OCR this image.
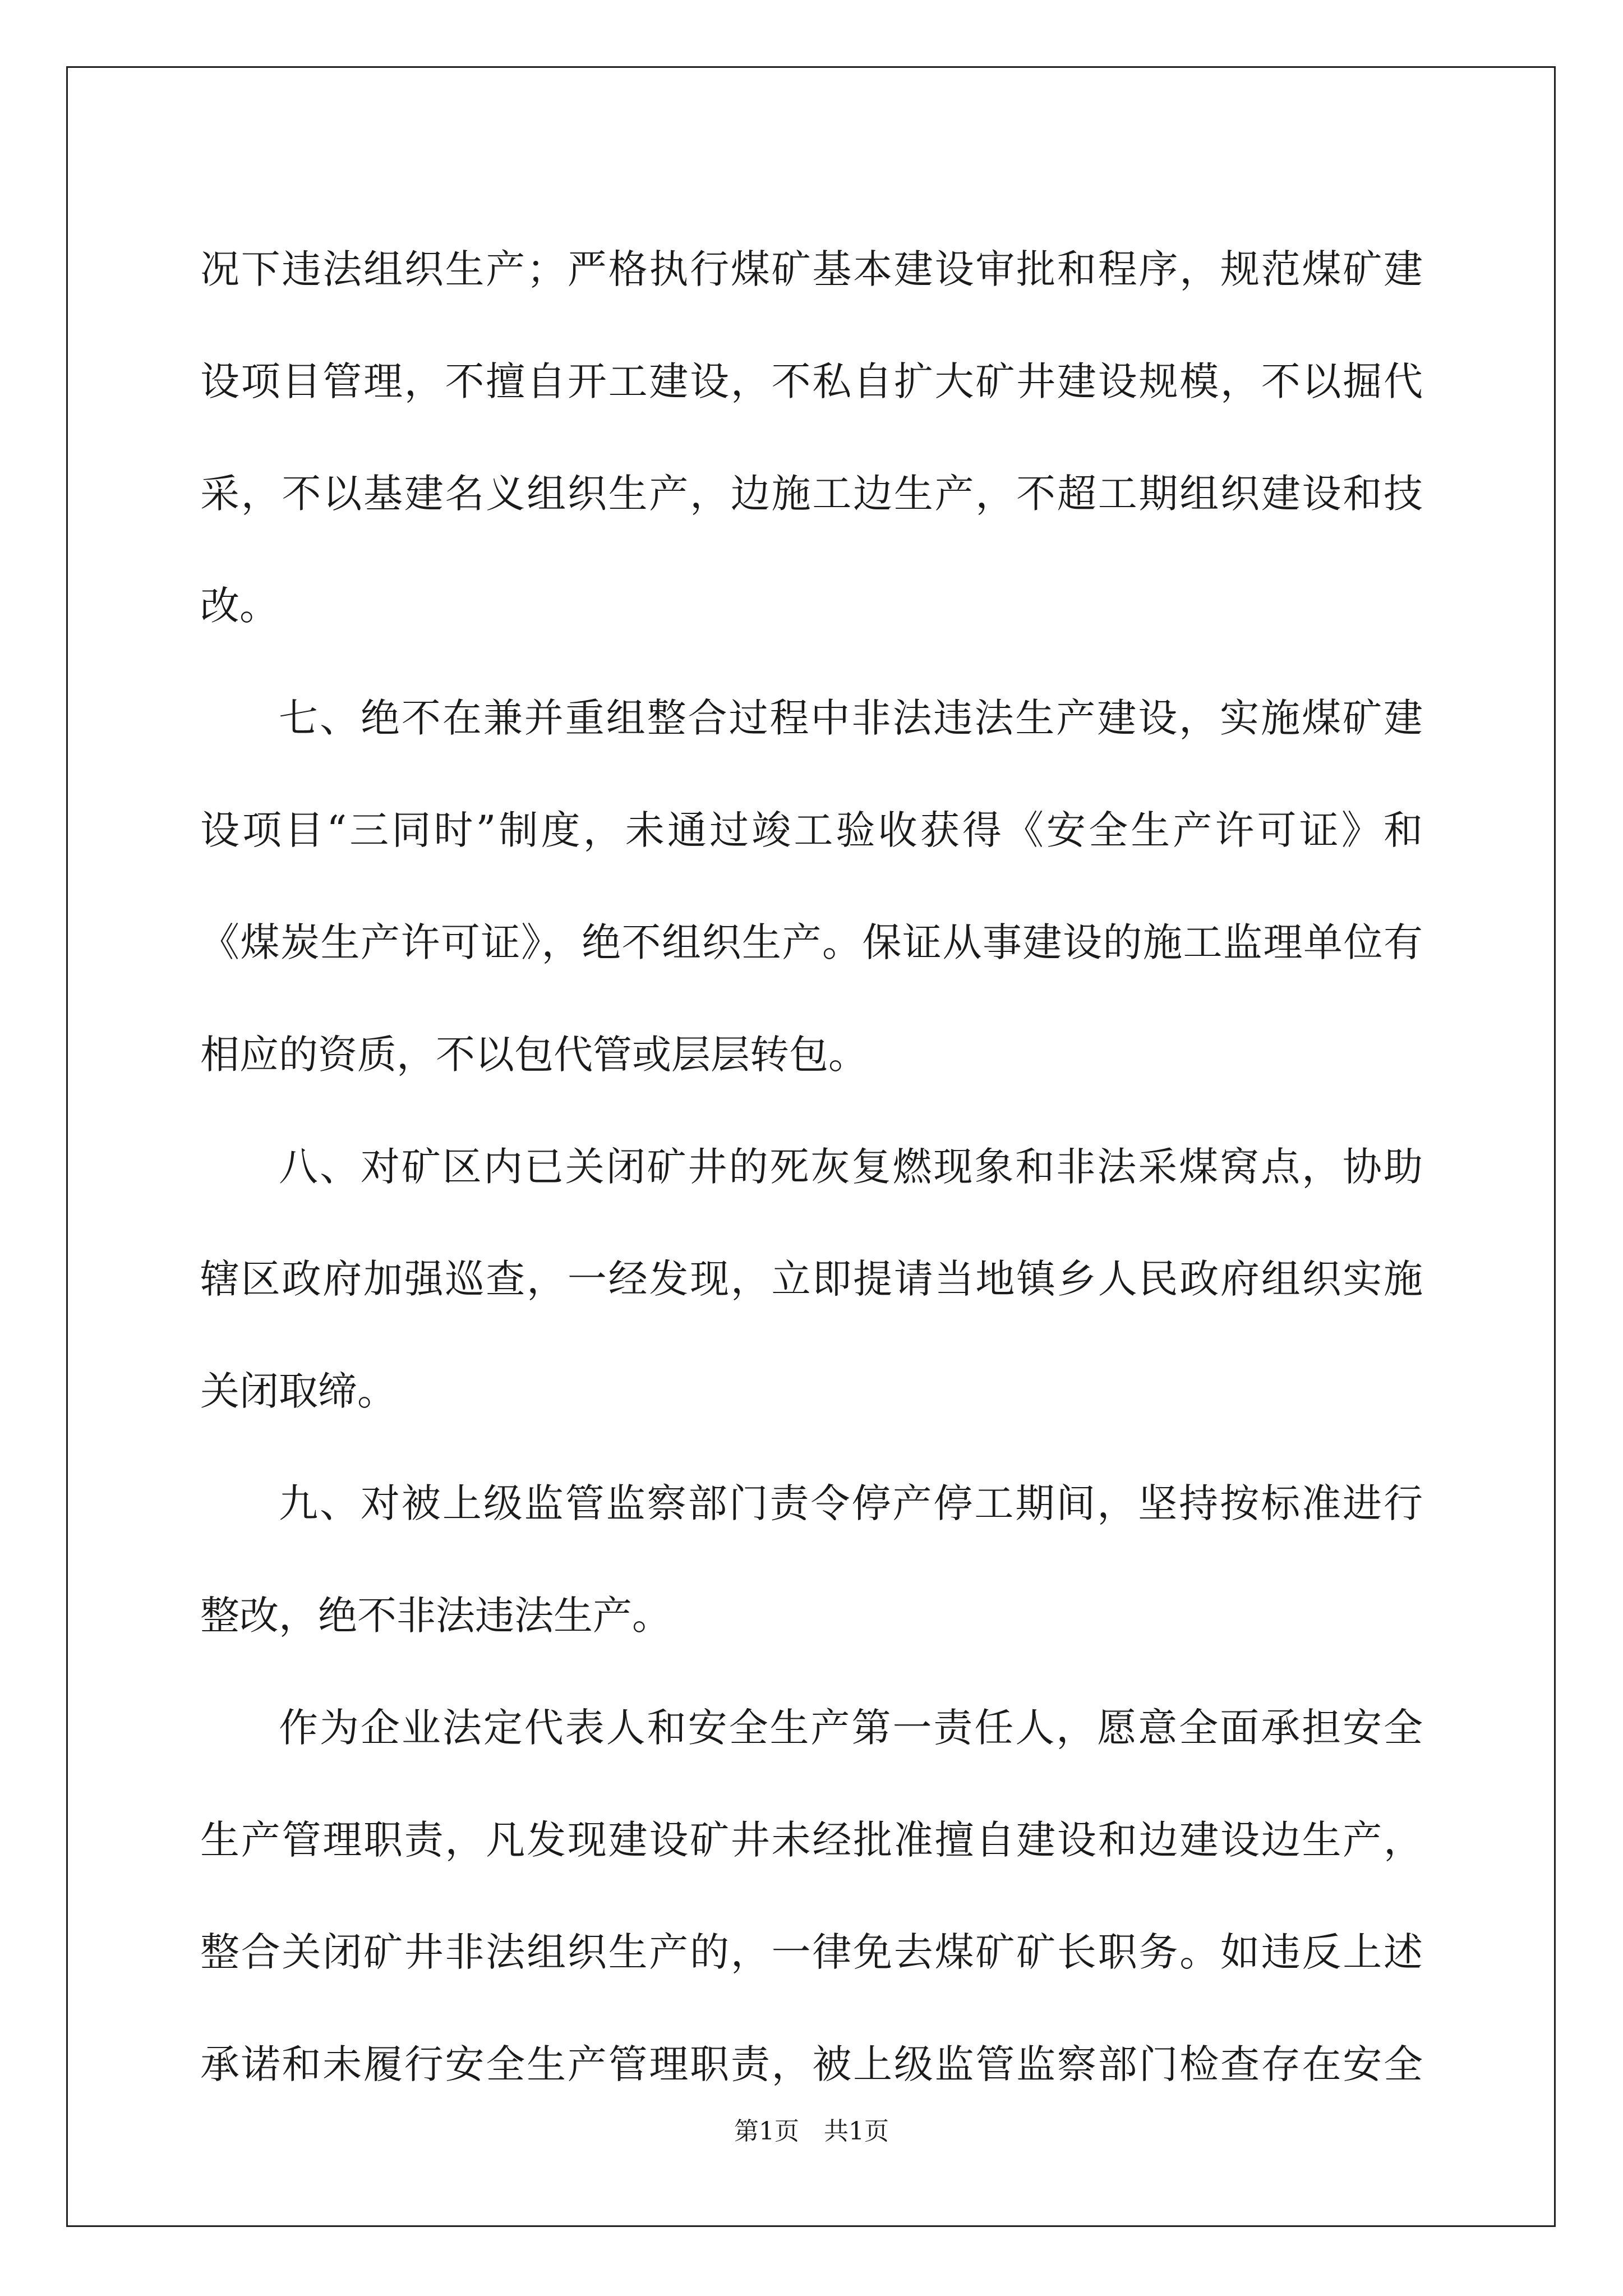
况下违法组织生产；严格执行煤矿基本建设审批和程序，规范煤矿建
设项目管理，不擅自开工建设，不私自扩大矿井建设规模，不以掘代
采，不以基建名义组织生产，边施工边生产，不超工期组织建设和技
改。
七、绝不在兼并重组整合过程中非法违法生产建设，实施煤矿建
设项目“三同时”制度，未通过竣工验收获得《安全生产许可证》和
《煤炭生产许可证》，绝不组织生产。保证从事建设的施工监理单位有
相应的资质，不以包代管或层层转包。
八、对矿区内已关闭矿井的死灰复燃现象和非法采煤窝点，协助
辖区政府加强巡查，一经发现，立即提请当地镇乡人民政府组织实施
关闭取缔。
九、对被上级监管监察部门责令停产停工期间，坚持按标准进行
整改，绝不非法违法生产。
作为企业法定代表人和安全生产第一责任人，愿意全面承担安全
生产管理职责，凡发现建设矿井未经批准擅自建设和边建设边生产，
整合关闭矿井非法组织生产的，一律免去煤矿矿长职务。如违反上述
承诺和未履行安全生产管理职责，被上级监管监察部门检查存在安全
第1页　共1页
